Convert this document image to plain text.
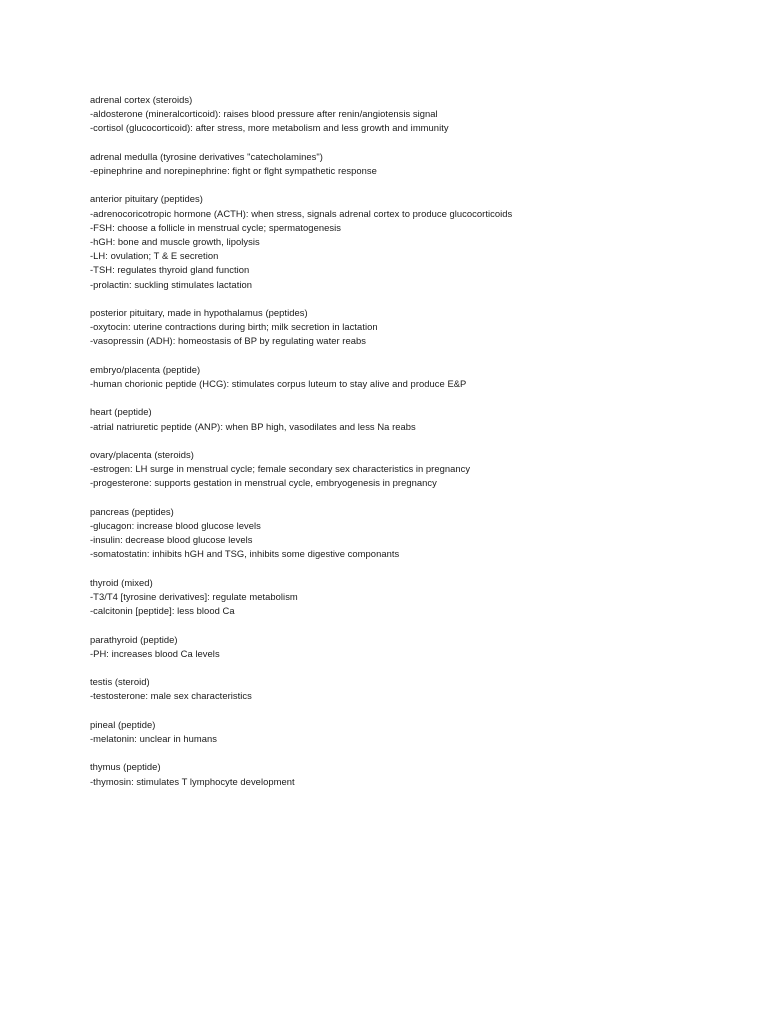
adrenal cortex (steroids)
-aldosterone (mineralcorticoid): raises blood pressure after renin/angiotensis signal
-cortisol (glucocorticoid): after stress, more metabolism and less growth and immunity
adrenal medulla (tyrosine derivatives "catecholamines")
-epinephrine and norepinephrine: fight or flght sympathetic response
anterior pituitary (peptides)
-adrenocoricotropic hormone (ACTH): when stress, signals adrenal cortex to produce glucocorticoids
-FSH: choose a follicle in menstrual cycle; spermatogenesis
-hGH: bone and muscle growth, lipolysis
-LH: ovulation; T & E secretion
-TSH: regulates thyroid gland function
-prolactin: suckling stimulates lactation
posterior pituitary, made in hypothalamus (peptides)
-oxytocin: uterine contractions during birth; milk secretion in lactation
-vasopressin (ADH): homeostasis of BP by regulating water reabs
embryo/placenta (peptide)
-human chorionic peptide (HCG): stimulates corpus luteum to stay alive and produce E&P
heart (peptide)
-atrial natriuretic peptide (ANP): when BP high, vasodilates and less Na reabs
ovary/placenta (steroids)
-estrogen: LH surge in menstrual cycle; female secondary sex characteristics in pregnancy
-progesterone: supports gestation in menstrual cycle, embryogenesis in pregnancy
pancreas (peptides)
-glucagon: increase blood glucose levels
-insulin: decrease blood glucose levels
-somatostatin: inhibits hGH and TSG, inhibits some digestive componants
thyroid (mixed)
-T3/T4 [tyrosine derivatives]: regulate metabolism
-calcitonin [peptide]: less blood Ca
parathyroid (peptide)
-PH: increases blood Ca levels
testis (steroid)
-testosterone: male sex characteristics
pineal (peptide)
-melatonin: unclear in humans
thymus (peptide)
-thymosin: stimulates T lymphocyte development
